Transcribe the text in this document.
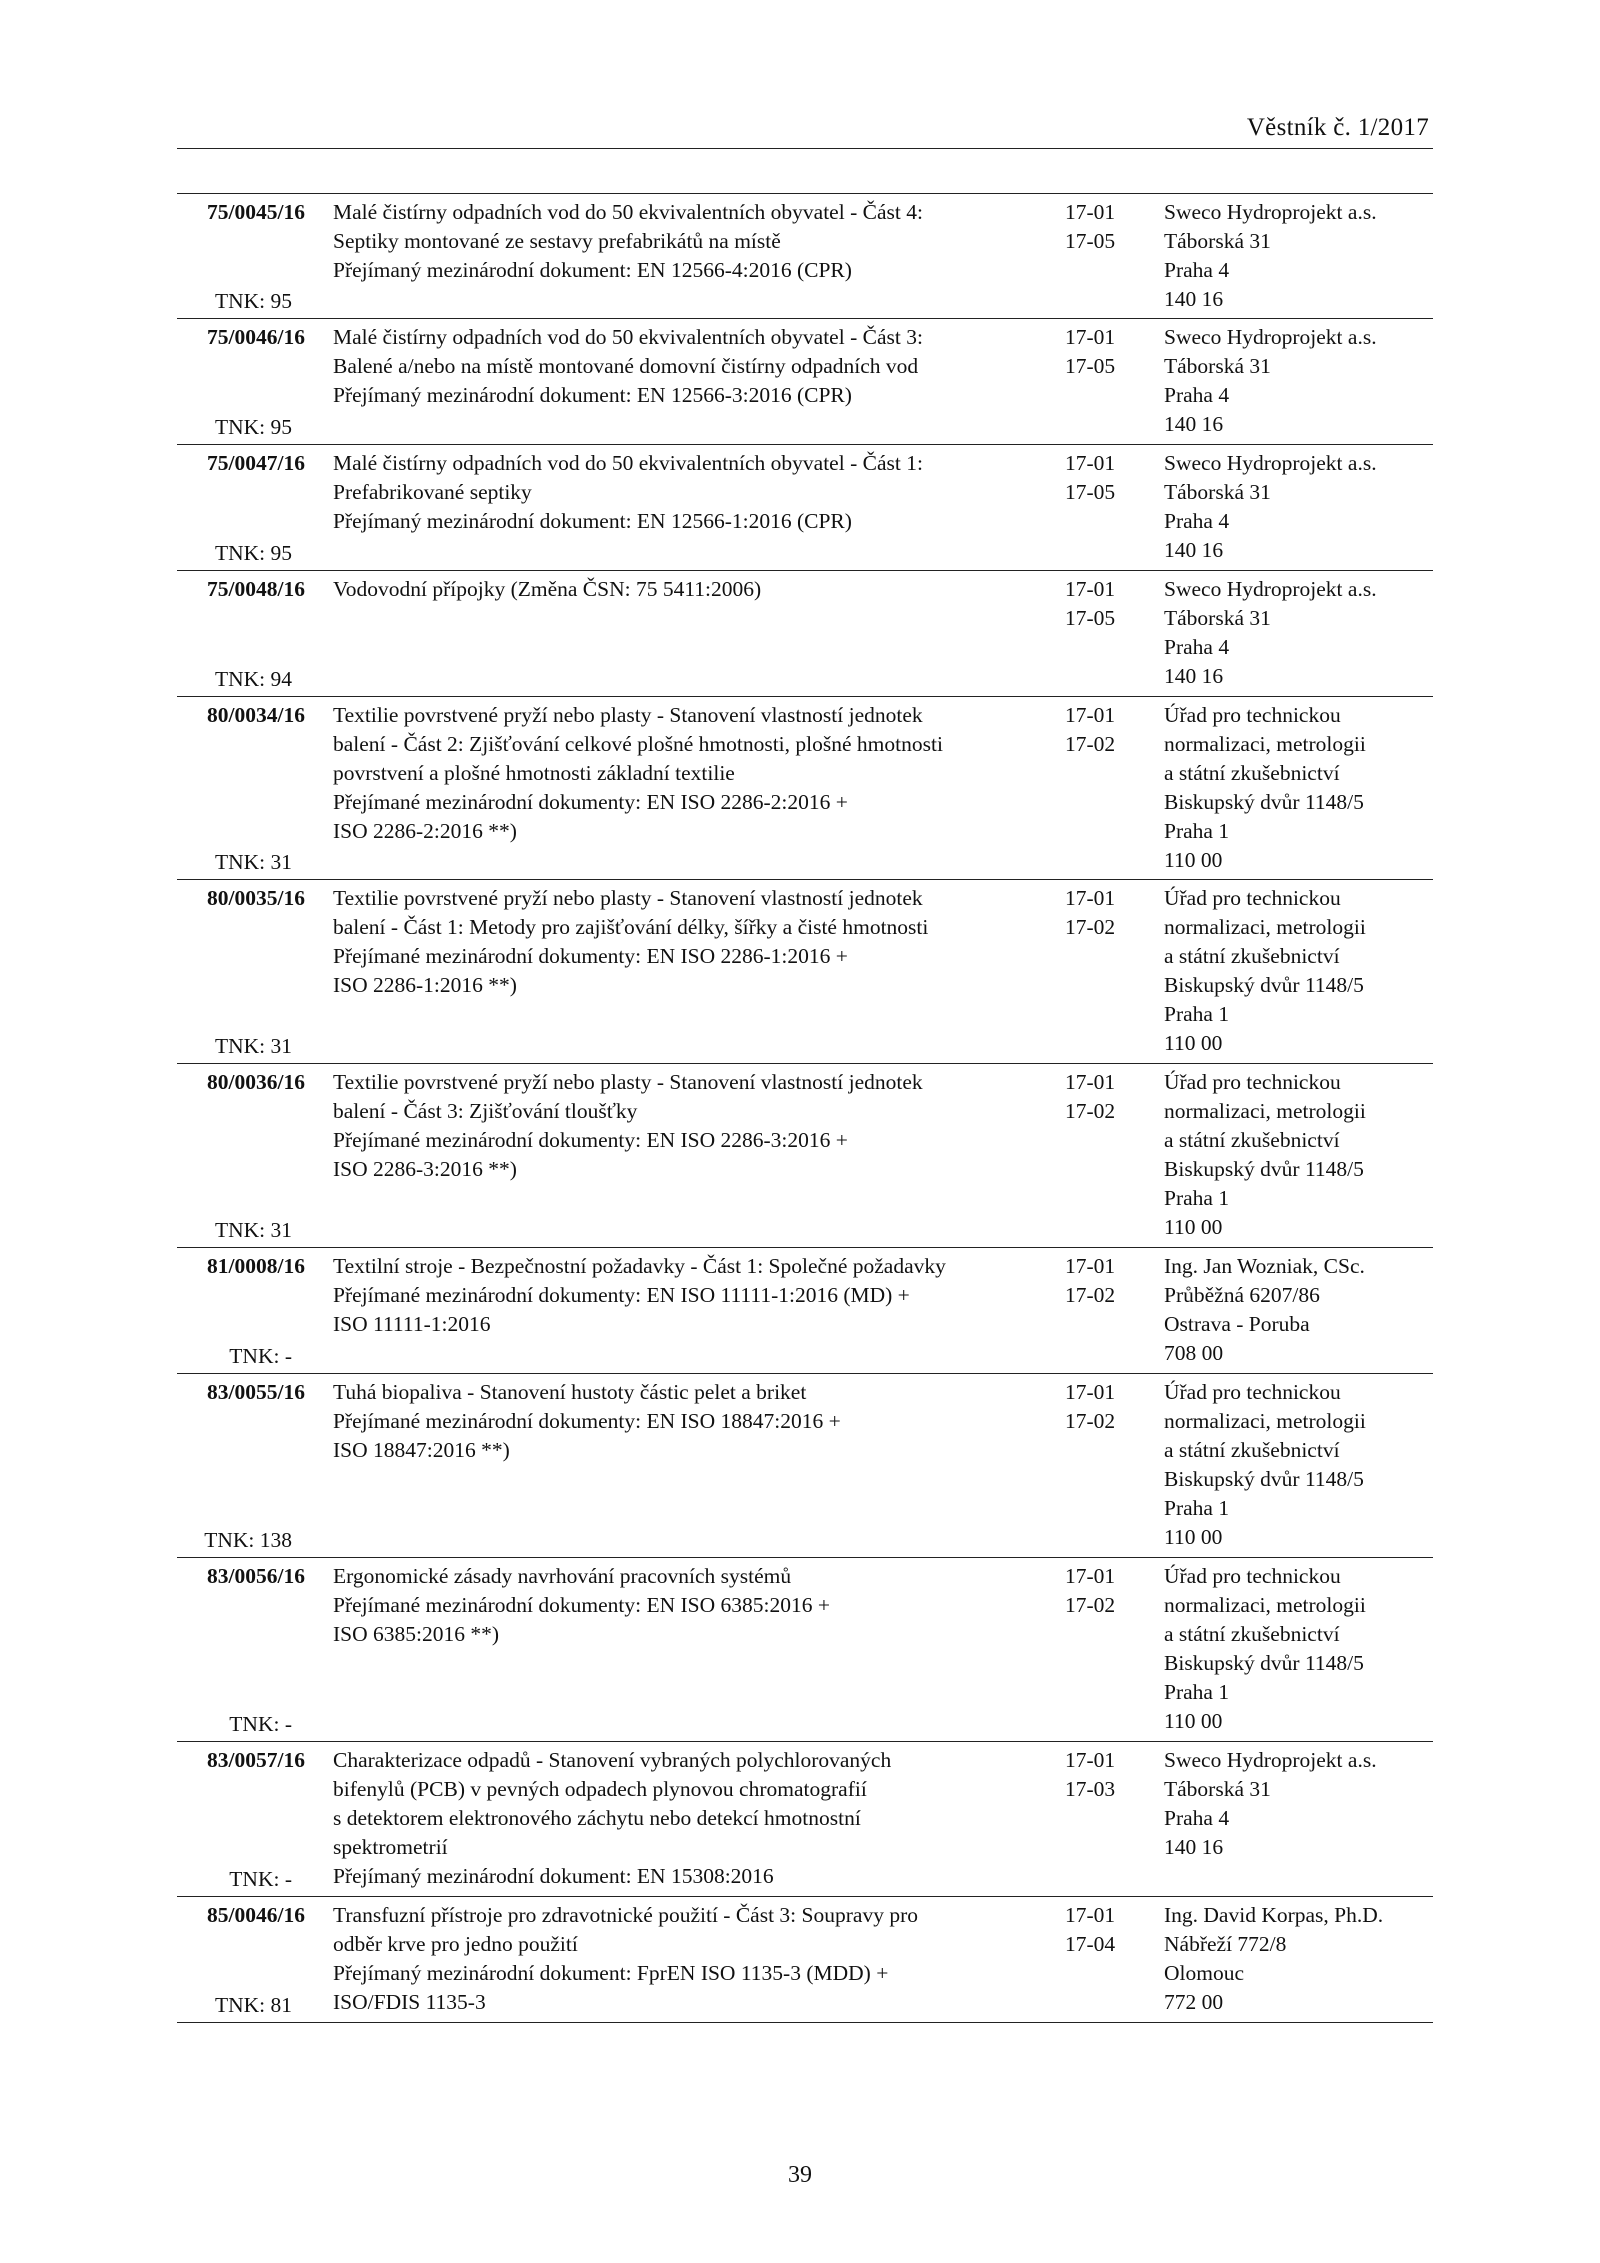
Věstník č. 1/2017
75/0045/16
TNK: 95
Malé čistírny odpadních vod do 50 ekvivalentních obyvatel - Část 4:
Septiky montované ze sestavy prefabrikátů na místě
Přejímaný mezinárodní dokument: EN 12566-4:2016 (CPR)
17-01
17-05
Sweco Hydroprojekt a.s.
Táborská 31
Praha 4
140 16
75/0046/16
TNK: 95
Malé čistírny odpadních vod do 50 ekvivalentních obyvatel - Část 3:
Balené a/nebo na místě montované domovní čistírny odpadních vod
Přejímaný mezinárodní dokument: EN 12566-3:2016 (CPR)
17-01
17-05
Sweco Hydroprojekt a.s.
Táborská 31
Praha 4
140 16
75/0047/16
TNK: 95
Malé čistírny odpadních vod do 50 ekvivalentních obyvatel - Část 1:
Prefabrikované septiky
Přejímaný mezinárodní dokument: EN 12566-1:2016 (CPR)
17-01
17-05
Sweco Hydroprojekt a.s.
Táborská 31
Praha 4
140 16
75/0048/16
TNK: 94
Vodovodní přípojky (Změna ČSN: 75 5411:2006)	17-01
17-05
Sweco Hydroprojekt a.s.
Táborská 31
Praha 4
140 16
80/0034/16
TNK: 31
Textilie povrstvené pryží nebo plasty - Stanovení vlastností jednotek
balení - Část 2: Zjišťování celkové plošné hmotnosti, plošné hmotnosti
povrstvení a plošné hmotnosti základní textilie
Přejímané mezinárodní dokumenty: EN ISO 2286-2:2016 +
ISO 2286-2:2016 **)
17-01
17-02
Úřad pro technickou
normalizaci, metrologii
a státní zkušebnictví
Biskupský dvůr 1148/5
Praha 1
110 00
80/0035/16
TNK: 31
Textilie povrstvené pryží nebo plasty - Stanovení vlastností jednotek
balení - Část 1: Metody pro zajišťování délky, šířky a čisté hmotnosti
Přejímané mezinárodní dokumenty: EN ISO 2286-1:2016 +
ISO 2286-1:2016 **)
17-01
17-02
Úřad pro technickou
normalizaci, metrologii
a státní zkušebnictví
Biskupský dvůr 1148/5
Praha 1
110 00
80/0036/16
TNK: 31
Textilie povrstvené pryží nebo plasty - Stanovení vlastností jednotek
balení - Část 3: Zjišťování tloušťky
Přejímané mezinárodní dokumenty: EN ISO 2286-3:2016 +
ISO 2286-3:2016 **)
17-01
17-02
Úřad pro technickou
normalizaci, metrologii
a státní zkušebnictví
Biskupský dvůr 1148/5
Praha 1
110 00
81/0008/16
TNK: -
Textilní stroje - Bezpečnostní požadavky - Část 1: Společné požadavky
Přejímané mezinárodní dokumenty: EN ISO 11111-1:2016 (MD) +
ISO 11111-1:2016
17-01
17-02
Ing. Jan Wozniak, CSc.
Průběžná 6207/86
Ostrava - Poruba
708 00
83/0055/16
TNK: 138
Tuhá biopaliva - Stanovení hustoty částic pelet a briket
Přejímané mezinárodní dokumenty: EN ISO 18847:2016 +
ISO 18847:2016 **)
17-01
17-02
Úřad pro technickou
normalizaci, metrologii
a státní zkušebnictví
Biskupský dvůr 1148/5
Praha 1
110 00
83/0056/16
TNK: -
Ergonomické zásady navrhování pracovních systémů
Přejímané mezinárodní dokumenty: EN ISO 6385:2016 +
ISO 6385:2016 **)
17-01
17-02
Úřad pro technickou
normalizaci, metrologii
a státní zkušebnictví
Biskupský dvůr 1148/5
Praha 1
110 00
83/0057/16
TNK: -
Charakterizace odpadů - Stanovení vybraných polychlorovaných
bifenylů (PCB) v pevných odpadech plynovou chromatografií
s detektorem elektronového záchytu nebo detekcí hmotnostní
spektrometrií
Přejímaný mezinárodní dokument: EN 15308:2016
17-01
17-03
Sweco Hydroprojekt a.s.
Táborská 31
Praha 4
140 16
85/0046/16
TNK: 81
Transfuzní přístroje pro zdravotnické použití - Část 3: Soupravy pro
odběr krve pro jedno použití
Přejímaný mezinárodní dokument: FprEN ISO 1135-3 (MDD) +
ISO/FDIS 1135-3
17-01
17-04
Ing. David Korpas, Ph.D.
Nábřeží 772/8
Olomouc
772 00
39
